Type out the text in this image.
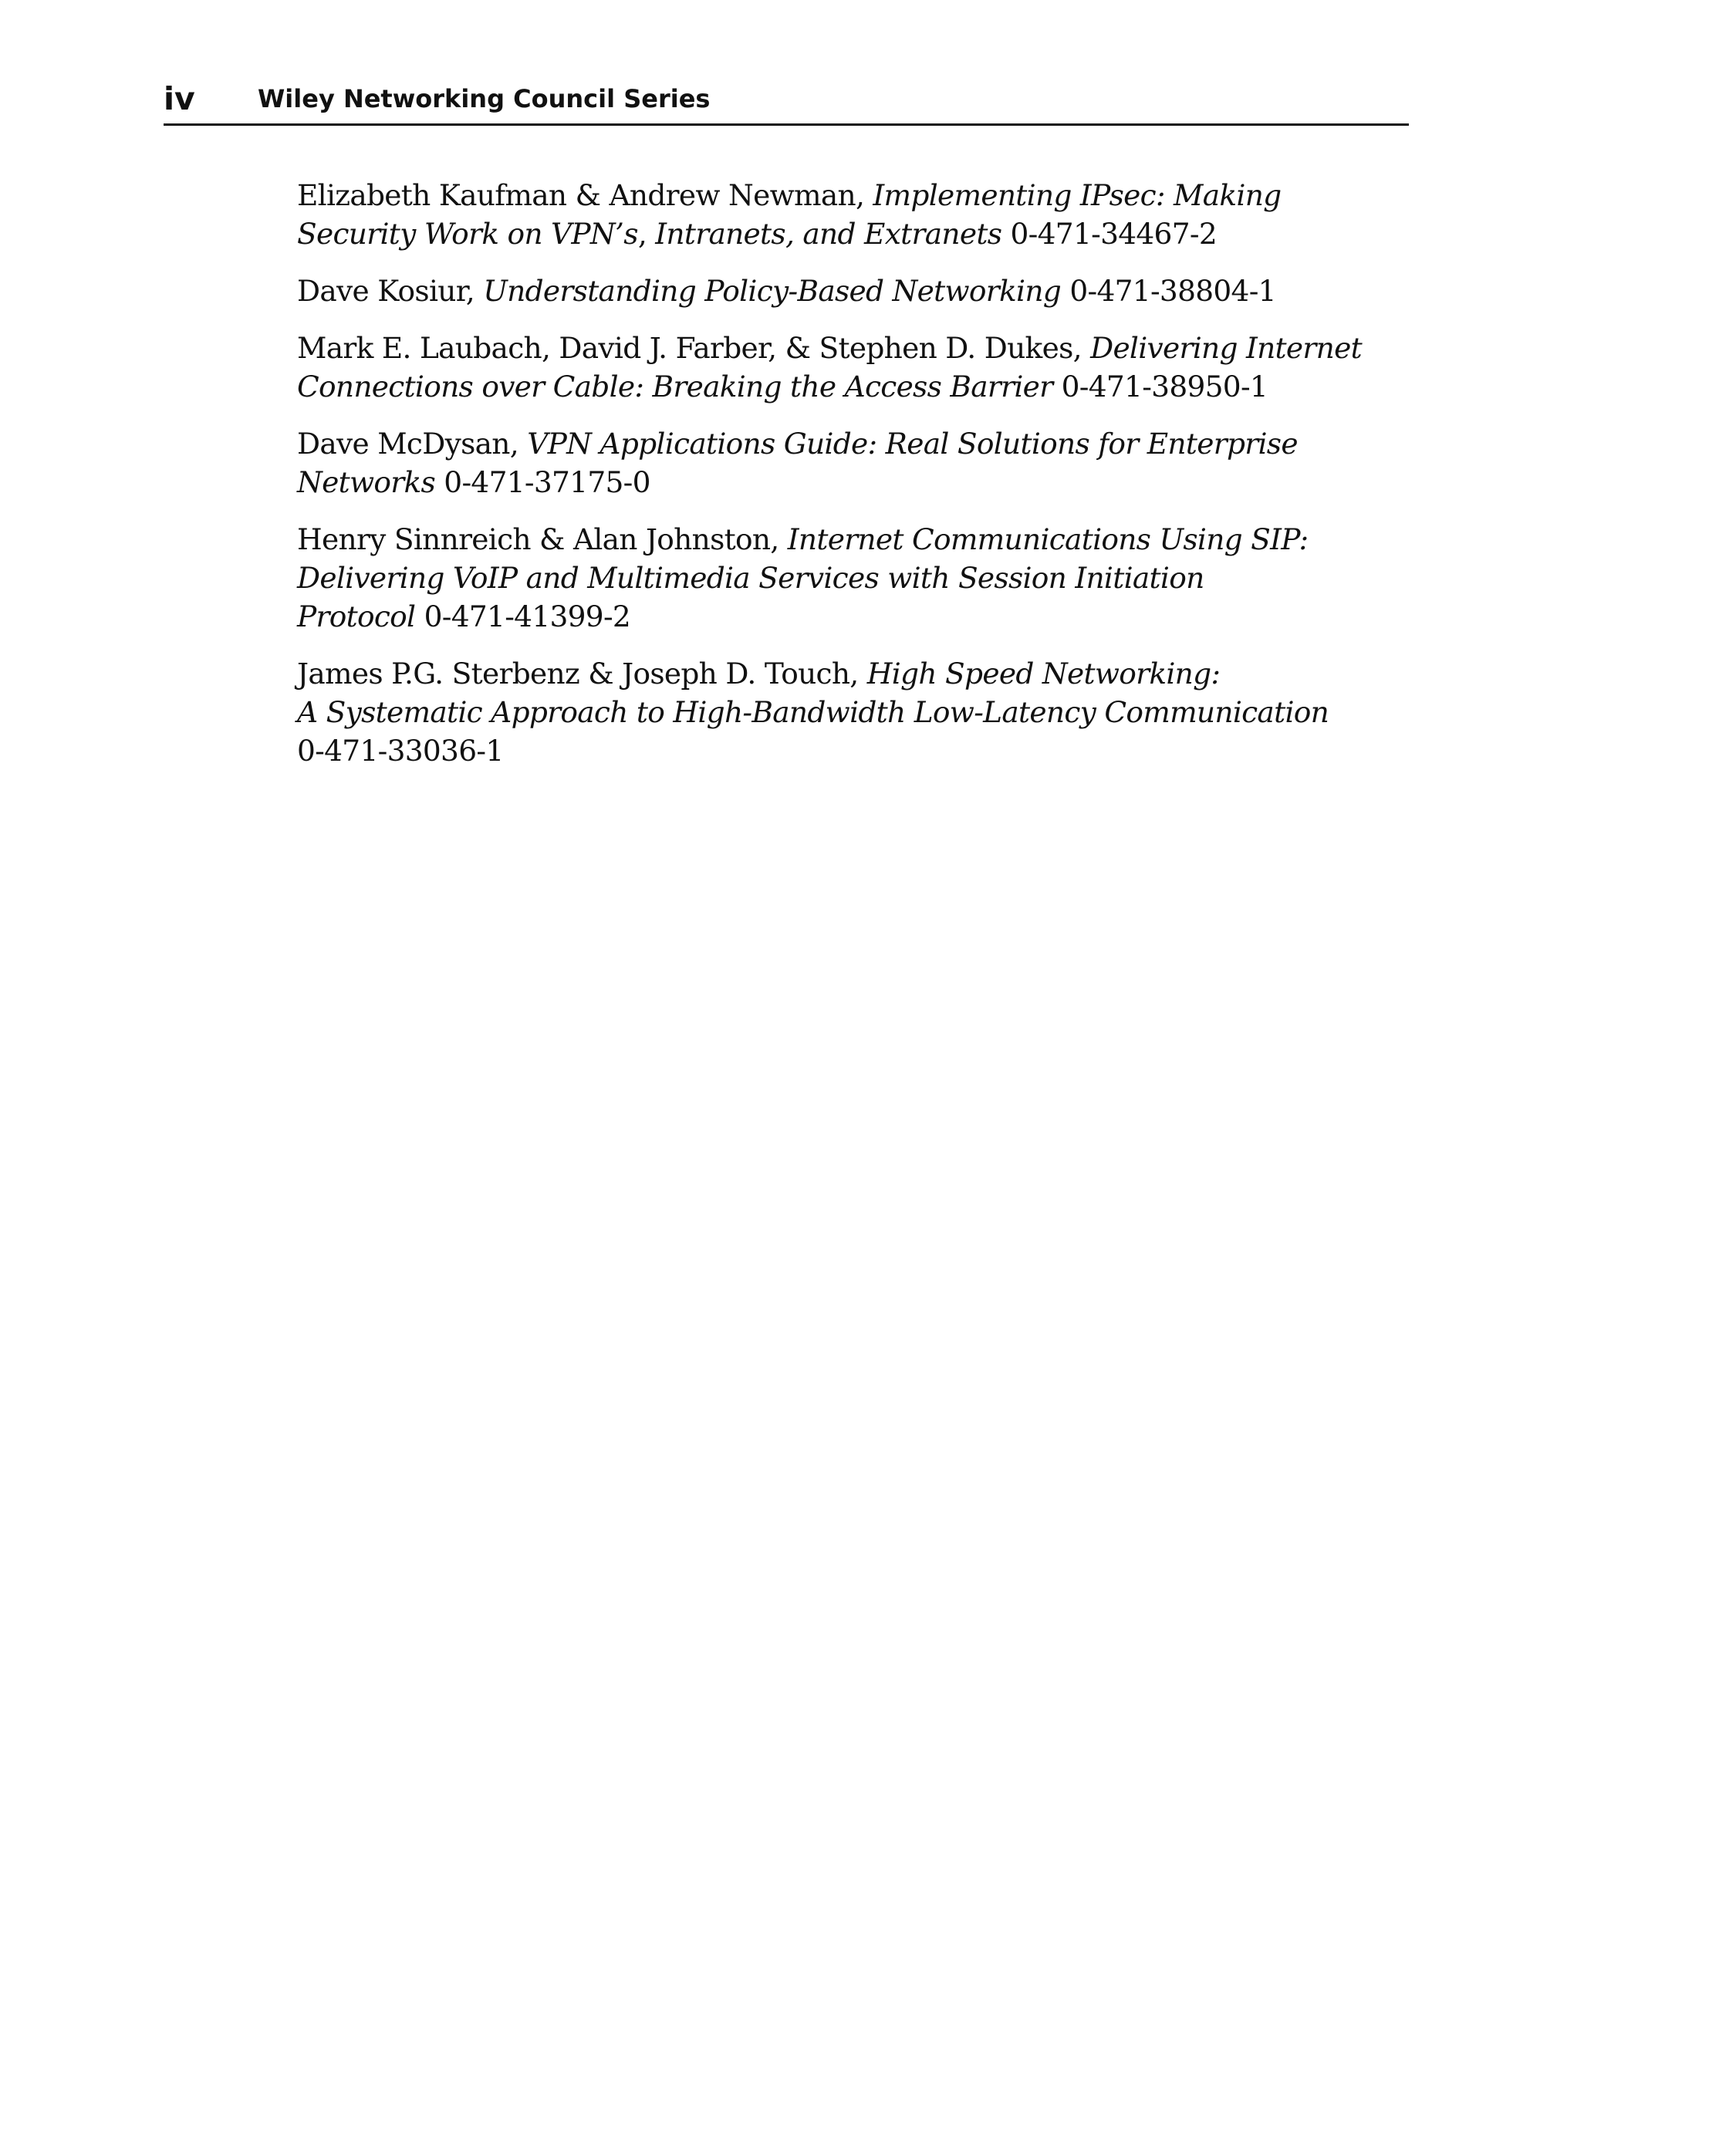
iv	Wiley Networking Council Series
Elizabeth Kaufman & Andrew Newman, Implementing IPsec: Making
Security Work on VPN’s, Intranets, and Extranets 0-471-34467-2
Dave Kosiur, Understanding Policy-Based Networking 0-471-38804-1
Mark E. Laubach, David J. Farber, & Stephen D. Dukes, Delivering Internet
Connections over Cable: Breaking the Access Barrier 0-471-38950-1
Dave McDysan, VPN Applications Guide: Real Solutions for Enterprise
Networks 0-471-37175-0
Henry Sinnreich & Alan Johnston, Internet Communications Using SIP:
Delivering VoIP and Multimedia Services with Session Initiation
Protocol 0-471-41399-2
James P.G. Sterbenz & Joseph D. Touch, High Speed Networking:
A Systematic Approach to High-Bandwidth Low-Latency Communication
0-471-33036-1
